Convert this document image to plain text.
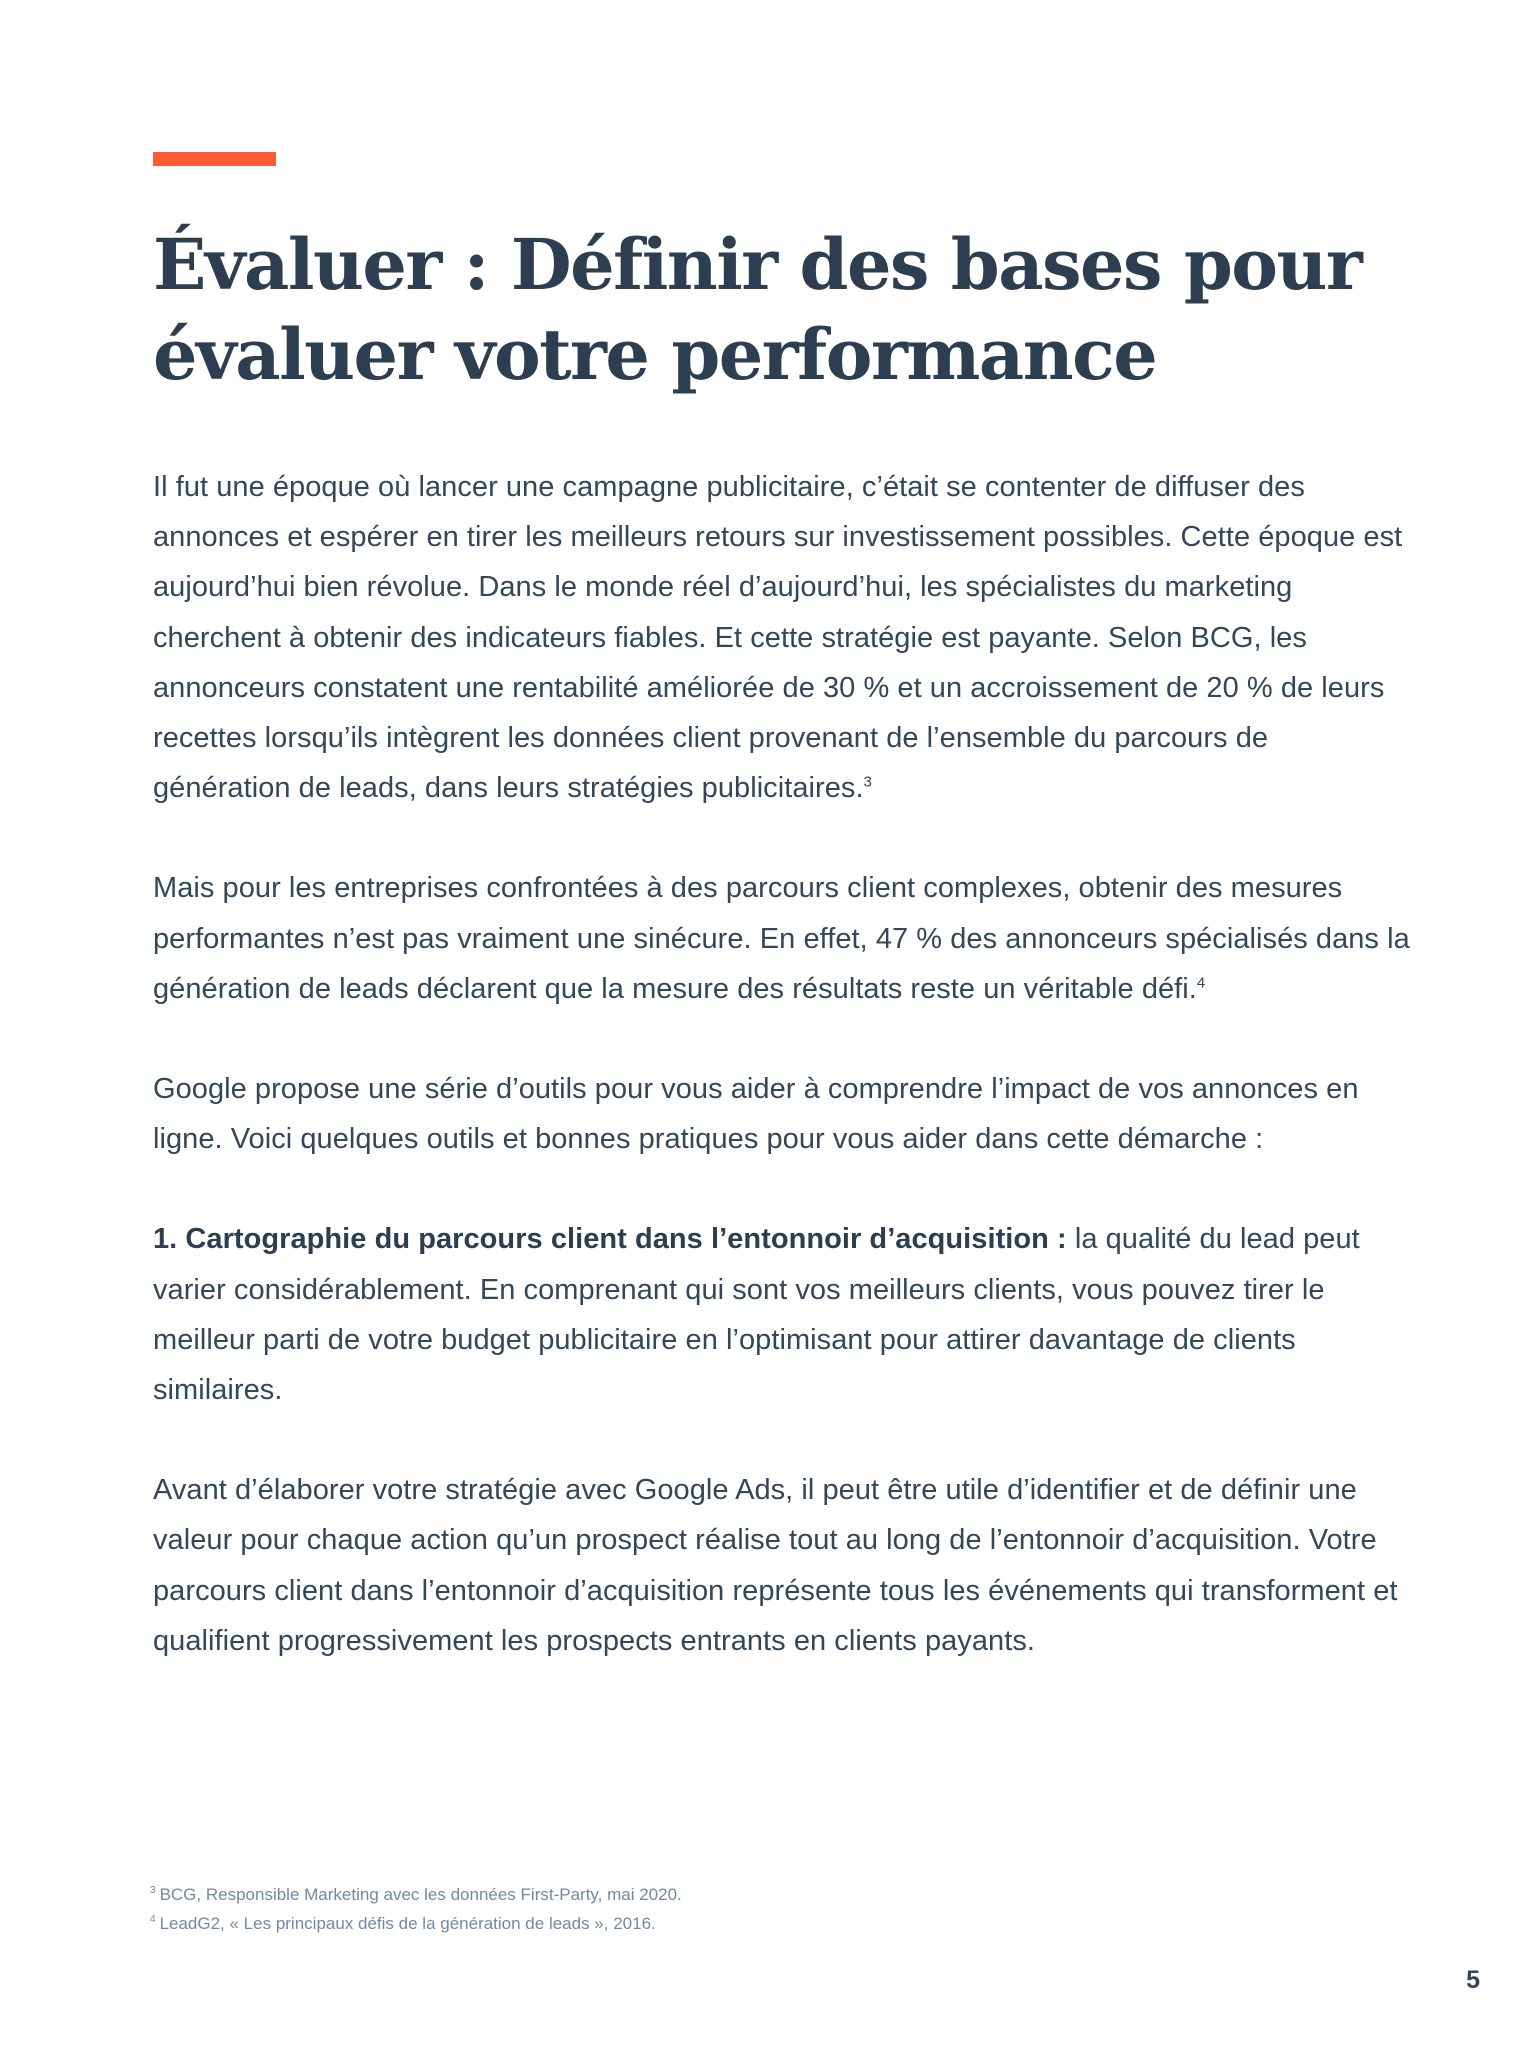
Évaluer : Définir des bases pour évaluer votre performance

Il fut une époque où lancer une campagne publicitaire, c’était se contenter de diffuser des annonces et espérer en tirer les meilleurs retours sur investissement possibles. Cette époque est aujourd’hui bien révolue. Dans le monde réel d’aujourd’hui, les spécialistes du marketing cherchent à obtenir des indicateurs fiables. Et cette stratégie est payante. Selon BCG, les annonceurs constatent une rentabilité améliorée de 30 % et un accroissement de 20 % de leurs recettes lorsqu’ils intègrent les données client provenant de l’ensemble du parcours de génération de leads, dans leurs stratégies publicitaires.$^3$

Mais pour les entreprises confrontées à des parcours client complexes, obtenir des mesures performantes n’est pas vraiment une sinécure. En effet, 47 % des annonceurs spécialisés dans la génération de leads déclarent que la mesure des résultats reste un véritable défi.$^4$

Google propose une série d’outils pour vous aider à comprendre l’impact de vos annonces en ligne. Voici quelques outils et bonnes pratiques pour vous aider dans cette démarche :

1. Cartographie du parcours client dans l’entonnoir d’acquisition : la qualité du lead peut varier considérablement. En comprenant qui sont vos meilleurs clients, vous pouvez tirer le meilleur parti de votre budget publicitaire en l’optimisant pour attirer davantage de clients similaires.

Avant d’élaborer votre stratégie avec Google Ads, il peut être utile d’identifier et de définir une valeur pour chaque action qu’un prospect réalise tout au long de l’entonnoir d’acquisition. Votre parcours client dans l’entonnoir d’acquisition représente tous les événements qui transforment et qualifient progressivement les prospects entrants en clients payants.

$^3$ BCG, Responsible Marketing avec les données First-Party, mai 2020.
$^4$ LeadG2, « Les principaux défis de la génération de leads », 2016.
5
